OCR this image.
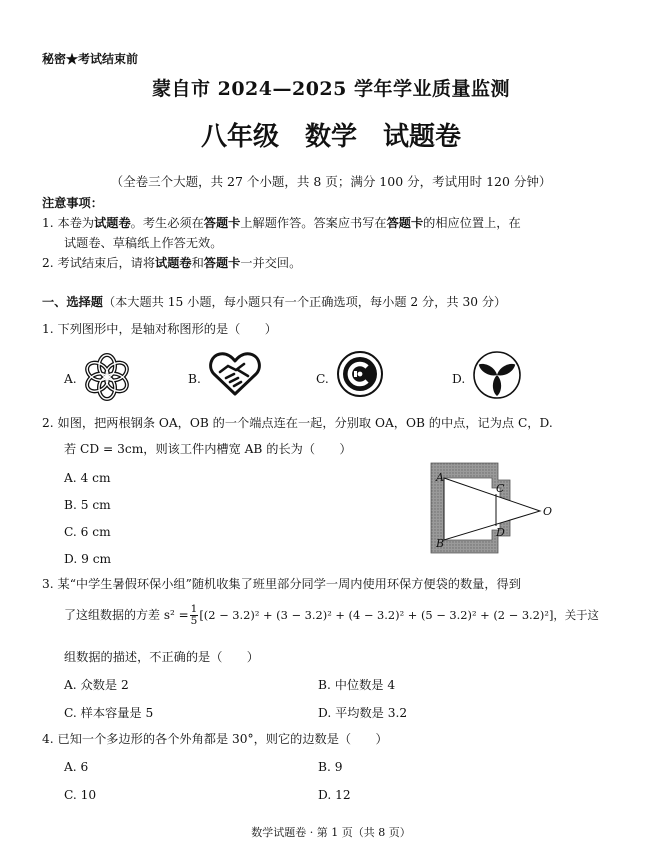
秘密★考试结束前
蒙自市 2024—2025 学年学业质量监测
八年级　数学　试题卷
（全卷三个大题，共 27 个小题，共 8 页；满分 100 分，考试用时 120 分钟）
注意事项：
1. 本卷为试题卷。考生必须在答题卡上解题作答。答案应书写在答题卡的相应位置上，在
试题卷、草稿纸上作答无效。
2. 考试结束后，请将试题卷和答题卡一并交回。
一、选择题（本大题共 15 小题，每小题只有一个正确选项，每小题 2 分，共 30 分）
1. 下列图形中，是轴对称图形的是（　　）
A.	B.	C.	D.
2. 如图，把两根钢条 OA，OB 的一个端点连在一起，分别取 OA，OB 的中点，记为点 C，D.
若 CD = 3cm，则该工件内槽宽 AB 的长为（　　）
A. 4 cm
B. 5 cm
C. 6 cm
D. 9 cm
A
B
C
D
O
3. 某“中学生暑假环保小组”随机收集了班里部分同学一周内使用环保方便袋的数量，得到
了这组数据的方差 $s^2 = \frac{1}{5} [(2 - 3.2)^2 + (3 - 3.2)^2 + (4 - 3.2)^2 + (5 - 3.2)^2 + (2 - 3.2)^2]$，关于这
组数据的描述，不正确的是（　　）
A. 众数是 2	B. 中位数是 4
C. 样本容量是 5	D. 平均数是 3.2
4. 已知一个多边形的各个外角都是 30°，则它的边数是（　　）
A. 6	B. 9
C. 10	D. 12
数学试题卷 · 第 1 页（共 8 页）
